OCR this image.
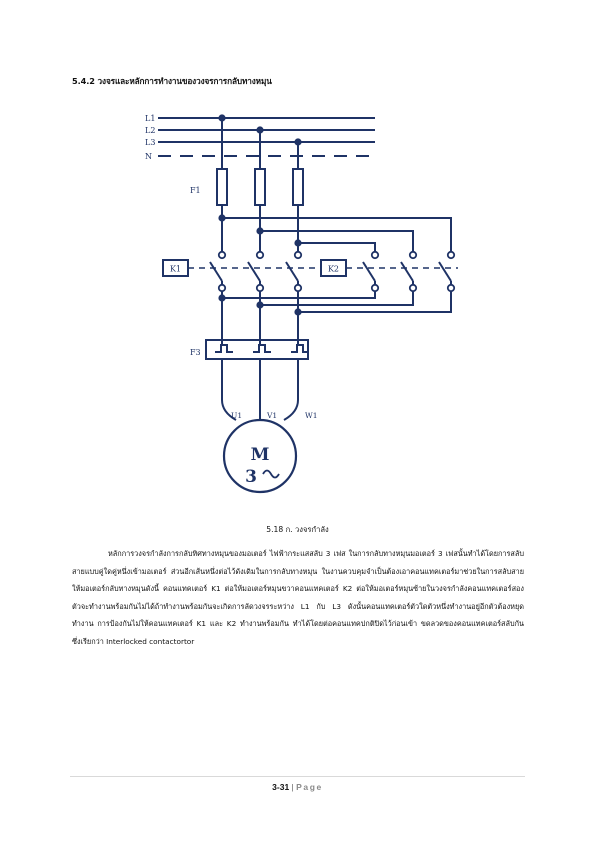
5.4.2 วงจรและหลักการทำงานของวงจรการกลับทางหมุน
L1
L2
L3
N
F1
F3
K1	K2
U1	V1	W1
M
3
5.18 ก. วงจรกำลัง

หลักการวงจรกำลังการกลับทิศทางหมุนของมอเตอร์ ไฟฟ้ากระแสสลับ 3 เฟส ในการกลับทางหมุนมอเตอร์ 3 เฟสนั้นทำได้โดยการสลับสายแบบคู่ใดคู่หนึ่งเข้ามอเตอร์ ส่วนอีกเส้นหนึ่งต่อไว้ดังเดิมในการกลับทางหมุน ในงานควบคุมจำเป็นต้องเอาคอนแทคเตอร์มาช่วยในการสลับสายให้มอเตอร์กลับทางหมุนดังนี้ คอนแทคเตอร์ K1 ต่อให้มอเตอร์หมุนขวาคอนแทคเตอร์ K2 ต่อให้มอเตอร์หมุนซ้ายในวงจรกำลังคอนแทคเตอร์สองตัวจะทำงานพร้อมกันไม่ได้ถ้าทำงานพร้อมกันจะเกิดการลัดวงจรระหว่าง L1 กับ L3 ดังนั้นคอนแทคเตอร์ตัวใดตัวหนึ่งทำงานอยู่อีกตัวต้องหยุดทำงาน การป้องกันไม่ให้คอนแทคเตอร์ K1 และ K2 ทำงานพร้อมกัน ทำได้โดยต่อคอนแทคปกติปิดไว้ก่อนเข้า ขดลวดของคอนแทคเตอร์สลับกัน ซึ่งเรียกว่า Interlocked contactortor

3-31 | Page
